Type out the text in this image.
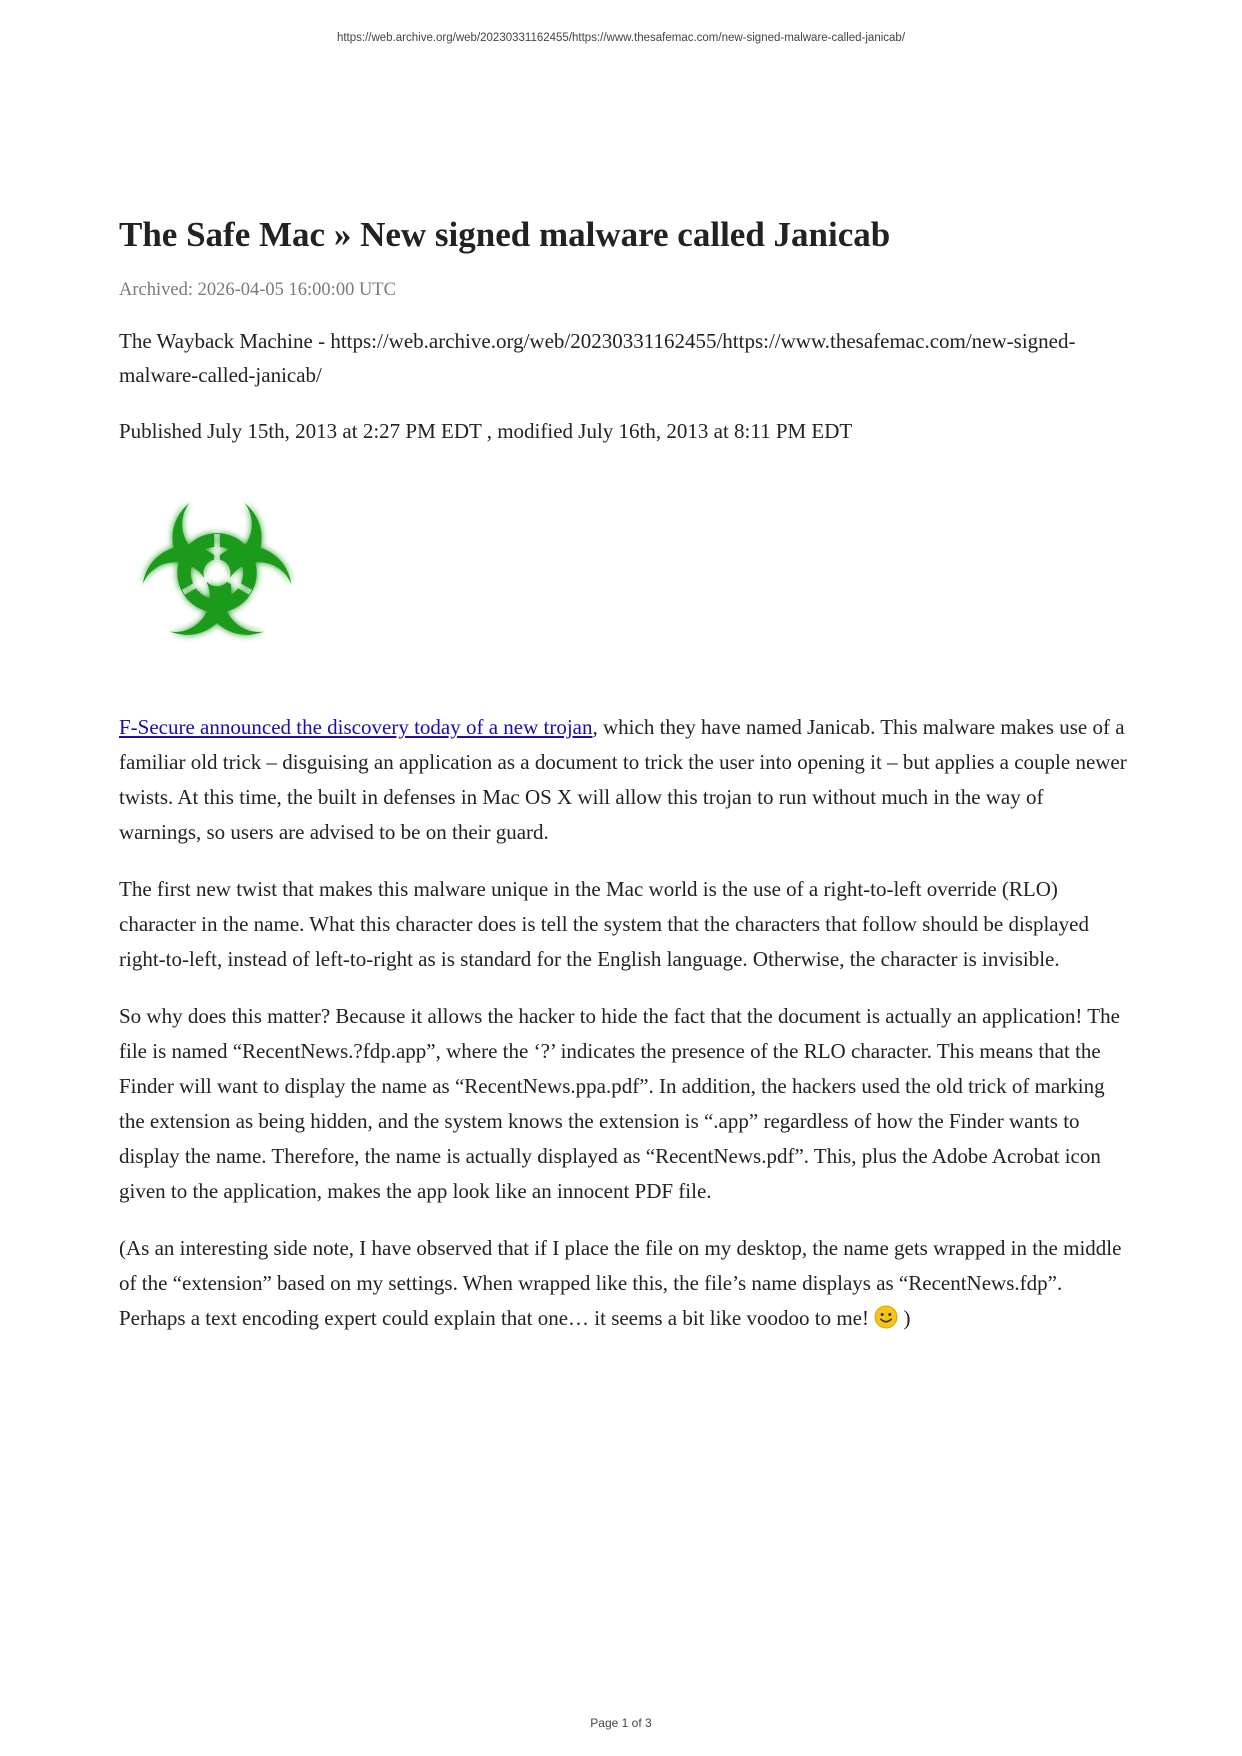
https://web.archive.org/web/20230331162455/https://www.thesafemac.com/new-signed-malware-called-janicab/
The Safe Mac » New signed malware called Janicab
Archived: 2026-04-05 16:00:00 UTC
The Wayback Machine - https://web.archive.org/web/20230331162455/https://www.thesafemac.com/new-signed-malware-called-janicab/
Published July 15th, 2013 at 2:27 PM EDT , modified July 16th, 2013 at 8:11 PM EDT

F-Secure announced the discovery today of a new trojan, which they have named Janicab. This malware makes use of a familiar old trick – disguising an application as a document to trick the user into opening it – but applies a couple newer twists. At this time, the built in defenses in Mac OS X will allow this trojan to run without much in the way of warnings, so users are advised to be on their guard.

The first new twist that makes this malware unique in the Mac world is the use of a right-to-left override (RLO) character in the name. What this character does is tell the system that the characters that follow should be displayed right-to-left, instead of left-to-right as is standard for the English language. Otherwise, the character is invisible.

So why does this matter? Because it allows the hacker to hide the fact that the document is actually an application! The file is named “RecentNews.?fdp.app”, where the ‘?’ indicates the presence of the RLO character. This means that the Finder will want to display the name as “RecentNews.ppa.pdf”. In addition, the hackers used the old trick of marking the extension as being hidden, and the system knows the extension is “.app” regardless of how the Finder wants to display the name. Therefore, the name is actually displayed as “RecentNews.pdf”. This, plus the Adobe Acrobat icon given to the application, makes the app look like an innocent PDF file.

(As an interesting side note, I have observed that if I place the file on my desktop, the name gets wrapped in the middle of the “extension” based on my settings. When wrapped like this, the file’s name displays as “RecentNews.fdp”. Perhaps a text encoding expert could explain that one… it seems a bit like voodoo to me!  )

Page 1 of 3
